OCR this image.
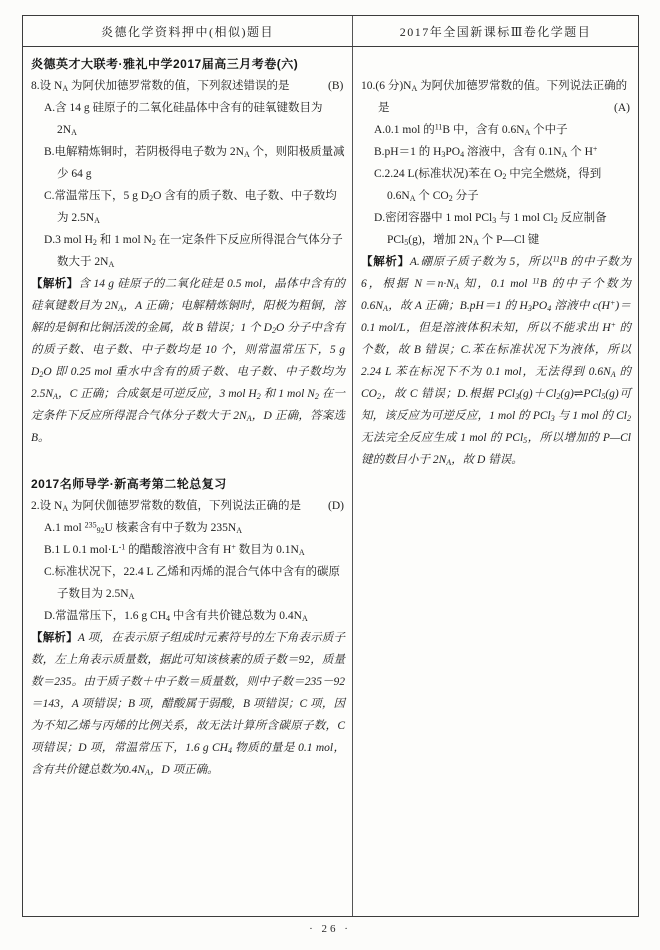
炎德化学资料押中(相似)题目	2017年全国新课标Ⅲ卷化学题目
炎德英才大联考·雅礼中学2017届高三月考卷(六)
8.设 $N_A$ 为阿伏加德罗常数的值，下列叙述错误的是	(B)
A.含 14 g 硅原子的二氧化硅晶体中含有的硅氧键数目为 $2N_A$
B.电解精炼铜时，若阴极得电子数为 $2N_A$ 个，则阳极质量减少 64 g
C.常温常压下，5 g $D_2O$ 含有的质子数、电子数、中子数均为 $2.5N_A$
D.3 mol $H_2$ 和 1 mol $N_2$ 在一定条件下反应所得混合气体分子数大于 $2N_A$
【解析】含 14 g 硅原子的二氧化硅是 0.5 mol，晶体中含有的硅氧键数目为 $2N_A$，A 正确；电解精炼铜时，阳极为粗铜，溶解的是铜和比铜活泼的金属，故 B 错误；1 个 $D_2O$ 分子中含有的质子数、电子数、中子数均是 10 个，则常温常压下，5 g $D_2O$ 即 0.25 mol 重水中含有的质子数、电子数、中子数均为 $2.5N_A$，C 正确；合成氨是可逆反应，3 mol $H_2$ 和 1 mol $N_2$ 在一定条件下反应所得混合气体分子数大于 $2N_A$，D 正确，答案选 B。
2017名师导学·新高考第二轮总复习
2.设 $N_A$ 为阿伏伽德罗常数的数值，下列说法正确的是 (D)
A.1 mol $^{235}_{92}$U 核素含有中子数为 $235N_A$
B.1 L 0.1 $mol\cdot L^{-1}$ 的醋酸溶液中含有 H+ 数目为 $0.1N_A$
C.标准状况下，22.4 L 乙烯和丙烯的混合气体中含有的碳原子数目为 $2.5N_A$
D.常温常压下，1.6 g $CH_4$ 中含有共价键总数为 $0.4N_A$
【解析】A 项，在表示原子组成时元素符号的左下角表示质子数，左上角表示质量数，据此可知该核素的质子数＝92，质量数＝235。由于质子数＋中子数＝质量数，则中子数＝235－92＝143，A 项错误；B 项，醋酸属于弱酸，B 项错误；C 项，因为不知乙烯与丙烯的比例关系，故无法计算所含碳原子数，C 项错误；D 项，常温常压下，1.6 g $CH_4$ 物质的量是 0.1 mol，含有共价键总数为$0.4N_A$，D 项正确。
10.(6 分)$N_A$ 为阿伏加德罗常数的值。下列说法正确的是	(A)
A.0.1 mol 的$^{11}$B 中，含有 $0.6N_A$ 个中子
B.pH＝1 的 $H_3PO_4$ 溶液中，含有 $0.1N_A$ 个 H+
C.2.24 L(标准状况)苯在 $O_2$ 中完全燃烧，得到 $0.6N_A$ 个 $CO_2$ 分子
D.密闭容器中 1 mol PCl$_3$ 与 1 mol $Cl_2$ 反应制备 PCl$_5$(g)，增加 $2N_A$ 个 P—Cl 键
【解析】A.硼原子质子数为 5，所以$^{11}$B 的中子数为 6，根据 $N=n\cdot N_A$ 知，0.1 mol $^{11}$B 的中子个数为 $0.6N_A$，故 A 正确；B.pH＝1 的 $H_3PO_4$ 溶液中 c(H+)＝0.1 mol/L，但是溶液体积未知，所以不能求出 H+ 的个数，故 B 错误；C.苯在标准状况下为液体，所以 2.24 L 苯在标况下不为 0.1 mol，无法得到 $0.6N_A$ 的 $CO_2$，故 C 错误；D.根据 $PCl_3(g)+Cl_2(g)\rightleftharpoons PCl_5(g)$可知，该反应为可逆反应，1 mol 的 PCl$_3$ 与 1 mol 的 $Cl_2$ 无法完全反应生成 1 mol 的 PCl$_5$，所以增加的 P—Cl 键的数目小于 $2N_A$，故 D 错误。
· 26 ·
